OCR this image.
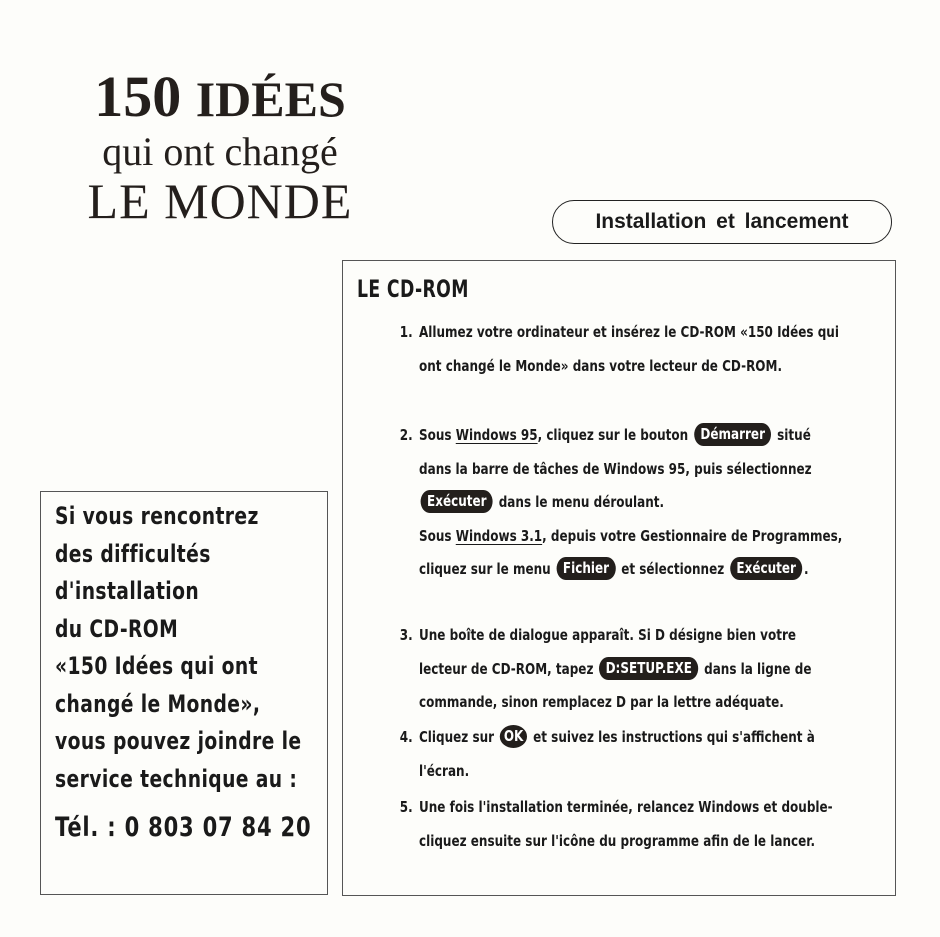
150 IDÉES
qui ont changé
LE MONDE	Installation et lancement
LE CD-ROM
1. Allumez votre ordinateur et insérez le CD-ROM «150 Idées qui ont changé le Monde» dans votre lecteur de CD-ROM.
2. Sous Windows 95, cliquez sur le bouton Démarrer situé dans la barre de tâches de Windows 95, puis sélectionnez Exécuter dans le menu déroulant.
Sous Windows 3.1, depuis votre Gestionnaire de Programmes, cliquez sur le menu Fichier et sélectionnez Exécuter .
3. Une boîte de dialogue apparaît. Si D désigne bien votre lecteur de CD-ROM, tapez D:SETUP.EXE dans la ligne de commande, sinon remplacez D par la lettre adéquate.
4. Cliquez sur OK et suivez les instructions qui s'affichent à l'écran.
5. Une fois l'installation terminée, relancez Windows et double-cliquez ensuite sur l'icône du programme afin de le lancer.
Si vous rencontrez
des difficultés
d'installation
du CD-ROM
«150 Idées qui ont
changé le Monde»,
vous pouvez joindre le
service technique au :
Tél. : 0 803 07 84 20
